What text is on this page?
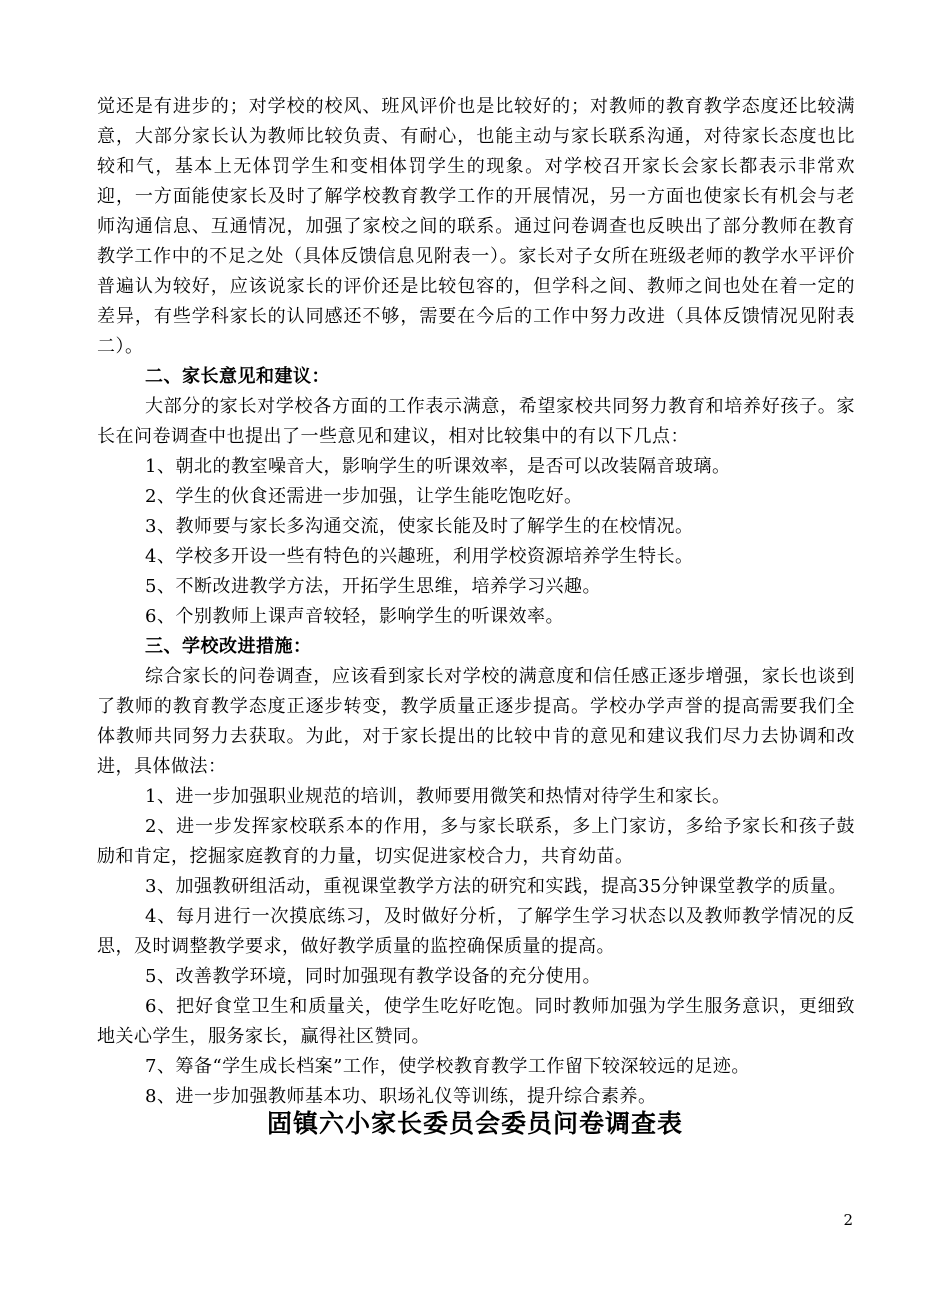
觉还是有进步的；对学校的校风、班风评价也是比较好的；对教师的教育教学态度还比较满意，大部分家长认为教师比较负责、有耐心，也能主动与家长联系沟通，对待家长态度也比较和气，基本上无体罚学生和变相体罚学生的现象。对学校召开家长会家长都表示非常欢迎，一方面能使家长及时了解学校教育教学工作的开展情况，另一方面也使家长有机会与老师沟通信息、互通情况，加强了家校之间的联系。通过问卷调查也反映出了部分教师在教育教学工作中的不足之处（具体反馈信息见附表一）。家长对子女所在班级老师的教学水平评价普遍认为较好，应该说家长的评价还是比较包容的，但学科之间、教师之间也处在着一定的差异，有些学科家长的认同感还不够，需要在今后的工作中努力改进（具体反馈情况见附表二）。

二、家长意见和建议：

大部分的家长对学校各方面的工作表示满意，希望家校共同努力教育和培养好孩子。家长在问卷调查中也提出了一些意见和建议，相对比较集中的有以下几点：

1、朝北的教室噪音大，影响学生的听课效率，是否可以改装隔音玻璃。

2、学生的伙食还需进一步加强，让学生能吃饱吃好。

3、教师要与家长多沟通交流，使家长能及时了解学生的在校情况。

4、学校多开设一些有特色的兴趣班，利用学校资源培养学生特长。

5、不断改进教学方法，开拓学生思维，培养学习兴趣。

6、个别教师上课声音较轻，影响学生的听课效率。

三、学校改进措施：

综合家长的问卷调查，应该看到家长对学校的满意度和信任感正逐步增强，家长也谈到了教师的教育教学态度正逐步转变，教学质量正逐步提高。学校办学声誉的提高需要我们全体教师共同努力去获取。为此，对于家长提出的比较中肯的意见和建议我们尽力去协调和改进，具体做法：

1、进一步加强职业规范的培训，教师要用微笑和热情对待学生和家长。

2、进一步发挥家校联系本的作用，多与家长联系，多上门家访，多给予家长和孩子鼓励和肯定，挖掘家庭教育的力量，切实促进家校合力，共育幼苗。

3、加强教研组活动，重视课堂教学方法的研究和实践，提高35分钟课堂教学的质量。

4、每月进行一次摸底练习，及时做好分析，了解学生学习状态以及教师教学情况的反思，及时调整教学要求，做好教学质量的监控确保质量的提高。

5、改善教学环境，同时加强现有教学设备的充分使用。

6、把好食堂卫生和质量关，使学生吃好吃饱。同时教师加强为学生服务意识，更细致地关心学生，服务家长，赢得社区赞同。

7、筹备“学生成长档案”工作，使学校教育教学工作留下较深较远的足迹。

8、进一步加强教师基本功、职场礼仪等训练，提升综合素养。

固镇六小家长委员会委员问卷调查表
2
